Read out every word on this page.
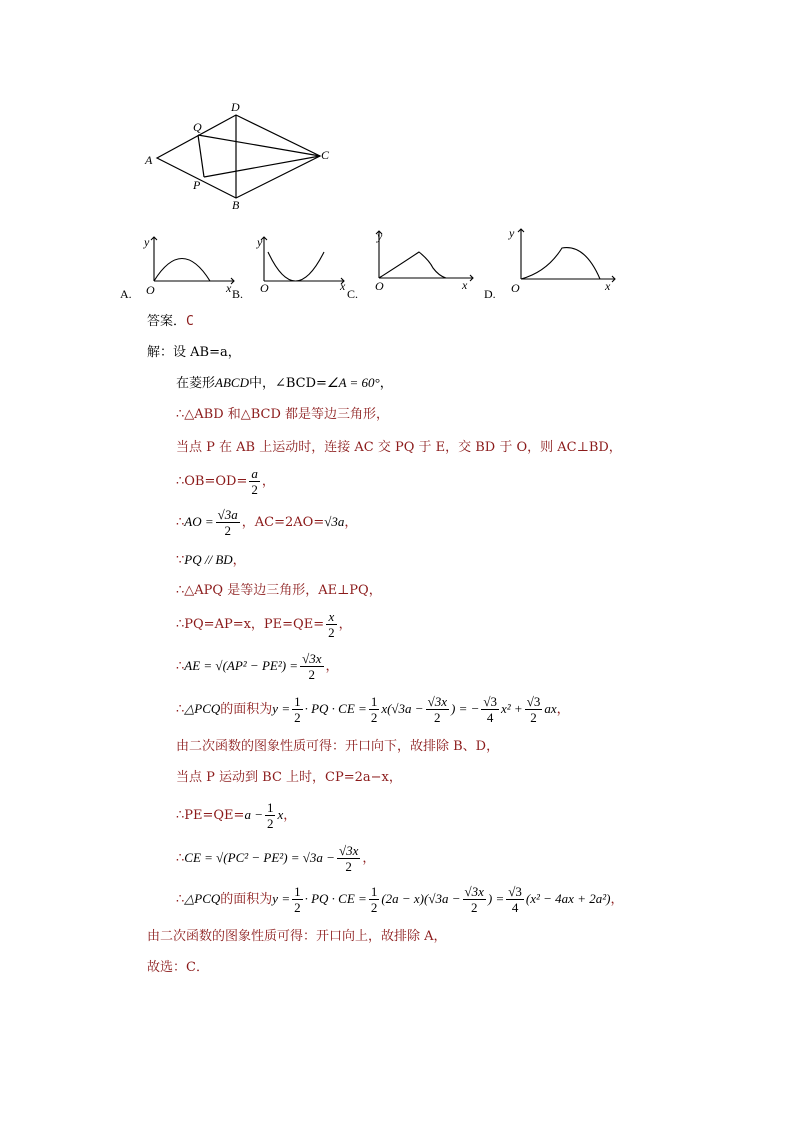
A
D
C
B
Q
P
A.
y
x
O	B.
y
x
O	C.
y
x
O
D.
y
x
O
答案．C
解：设 AB=a，
在菱形ABCD中，∠BCD=∠A = 60°，
∴△ABD 和△BCD 都是等边三角形，
当点 P 在 AB 上运动时，连接 AC 交 PQ 于 E，交 BD 于 O，则 AC⊥BD，
∴OB=OD= $\frac{a}{2}$ ，
∴AO = $\frac{√3a}{2}$ ，AC=2AO=√3a，
∵PQ // BD，
∴△APQ 是等边三角形，AE⊥PQ，
∴PQ=AP=x，$PE=QE= \frac{x}{2}$ ，
∴AE = $√(AP^2 - PE^2) = \frac{√3x}{2}$ ，
∴△PCQ的面积为$y = \frac{1}{2}$ · PQ · CE = $\frac{1}{2} x(√3a - \frac{√3x}{2}$ ) = − $\frac{√3}{4} x^2 + \frac{√3}{2}$ ax，
由二次函数的图象性质可得：开口向下，故排除 B、D，
当点 P 运动到 BC 上时，CP=2a−x，
∴PE=QE=a − $\frac{1}{2}$ x，
∴CE = $√(PC^2 - PE^2) = √3a - \frac{√3x}{2}$ ，
∴△PCQ的面积为$y = \frac{1}{2}$ · PQ · CE = $\frac{1}{2} (2a - x)(√3a - \frac{√3x}{2}$ ) = $\frac{√3}{4} (x^2 - 4ax + 2a^2)$，
由二次函数的图象性质可得：开口向上，故排除 A，
故选：C．
